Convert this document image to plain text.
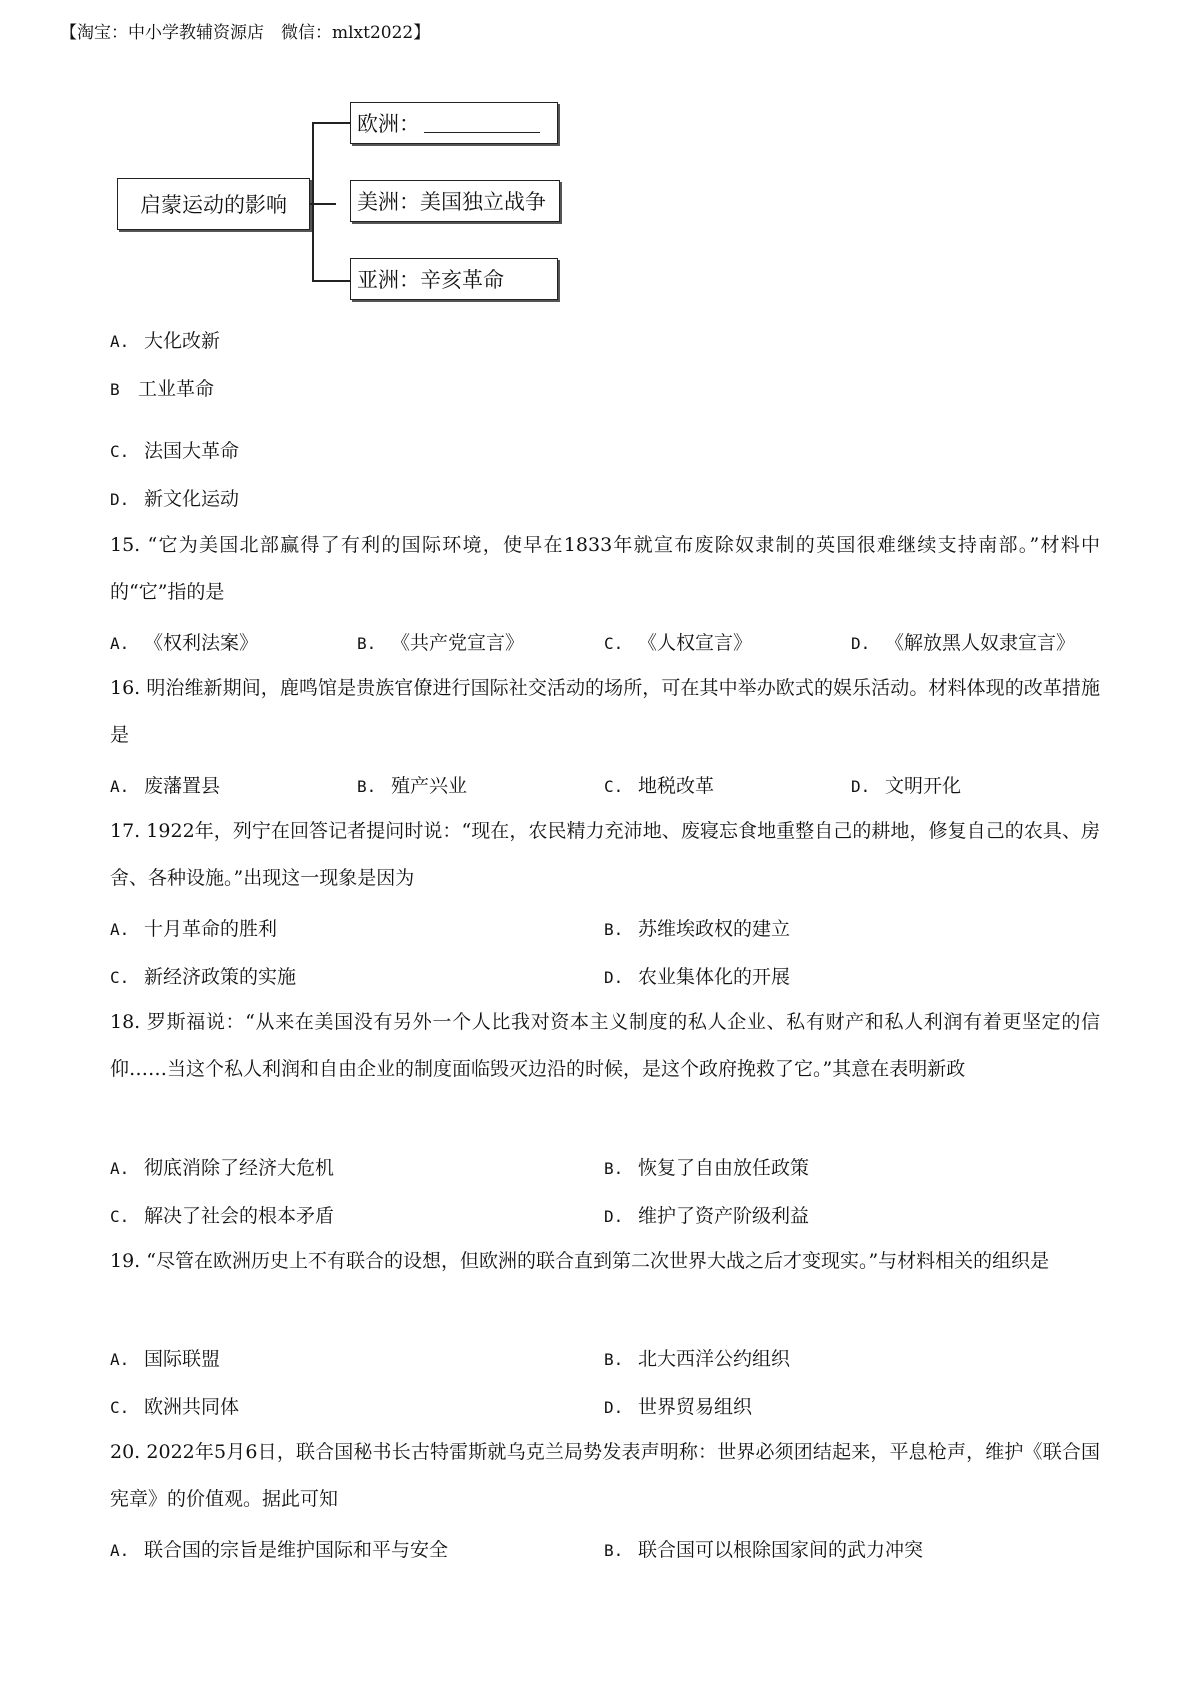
【淘宝：中小学教辅资源店　微信：mlxt2022】
启蒙运动的影响
欧洲：
美洲：美国独立战争
亚洲：辛亥革命
A. 大化改新
B 工业革命
C. 法国大革命
D. 新文化运动
15. “它为美国北部赢得了有利的国际环境，使早在1833年就宣布废除奴隶制的英国很难继续支持南部。”材料中的“它”指的是
A. 《权利法案》	B. 《共产党宣言》	C. 《人权宣言》	D. 《解放黑人奴隶宣言》
16. 明治维新期间，鹿鸣馆是贵族官僚进行国际社交活动的场所，可在其中举办欧式的娱乐活动。材料体现的改革措施是
A. 废藩置县	B. 殖产兴业	C. 地税改革	D. 文明开化
17. 1922年，列宁在回答记者提问时说：“现在，农民精力充沛地、废寝忘食地重整自己的耕地，修复自己的农具、房舍、各种设施。”出现这一现象是因为
A. 十月革命的胜利	B. 苏维埃政权的建立
C. 新经济政策的实施	D. 农业集体化的开展
18. 罗斯福说：“从来在美国没有另外一个人比我对资本主义制度的私人企业、私有财产和私人利润有着更坚定的信仰……当这个私人利润和自由企业的制度面临毁灭边沿的时候，是这个政府挽救了它。”其意在表明新政
A. 彻底消除了经济大危机	B. 恢复了自由放任政策
C. 解决了社会的根本矛盾	D. 维护了资产阶级利益
19. “尽管在欧洲历史上不有联合的设想，但欧洲的联合直到第二次世界大战之后才变现实。”与材料相关的组织是
A. 国际联盟	B. 北大西洋公约组织
C. 欧洲共同体	D. 世界贸易组织
20. 2022年5月6日，联合国秘书长古特雷斯就乌克兰局势发表声明称：世界必须团结起来，平息枪声，维护《联合国宪章》的价值观。据此可知
A. 联合国的宗旨是维护国际和平与安全	B. 联合国可以根除国家间的武力冲突
